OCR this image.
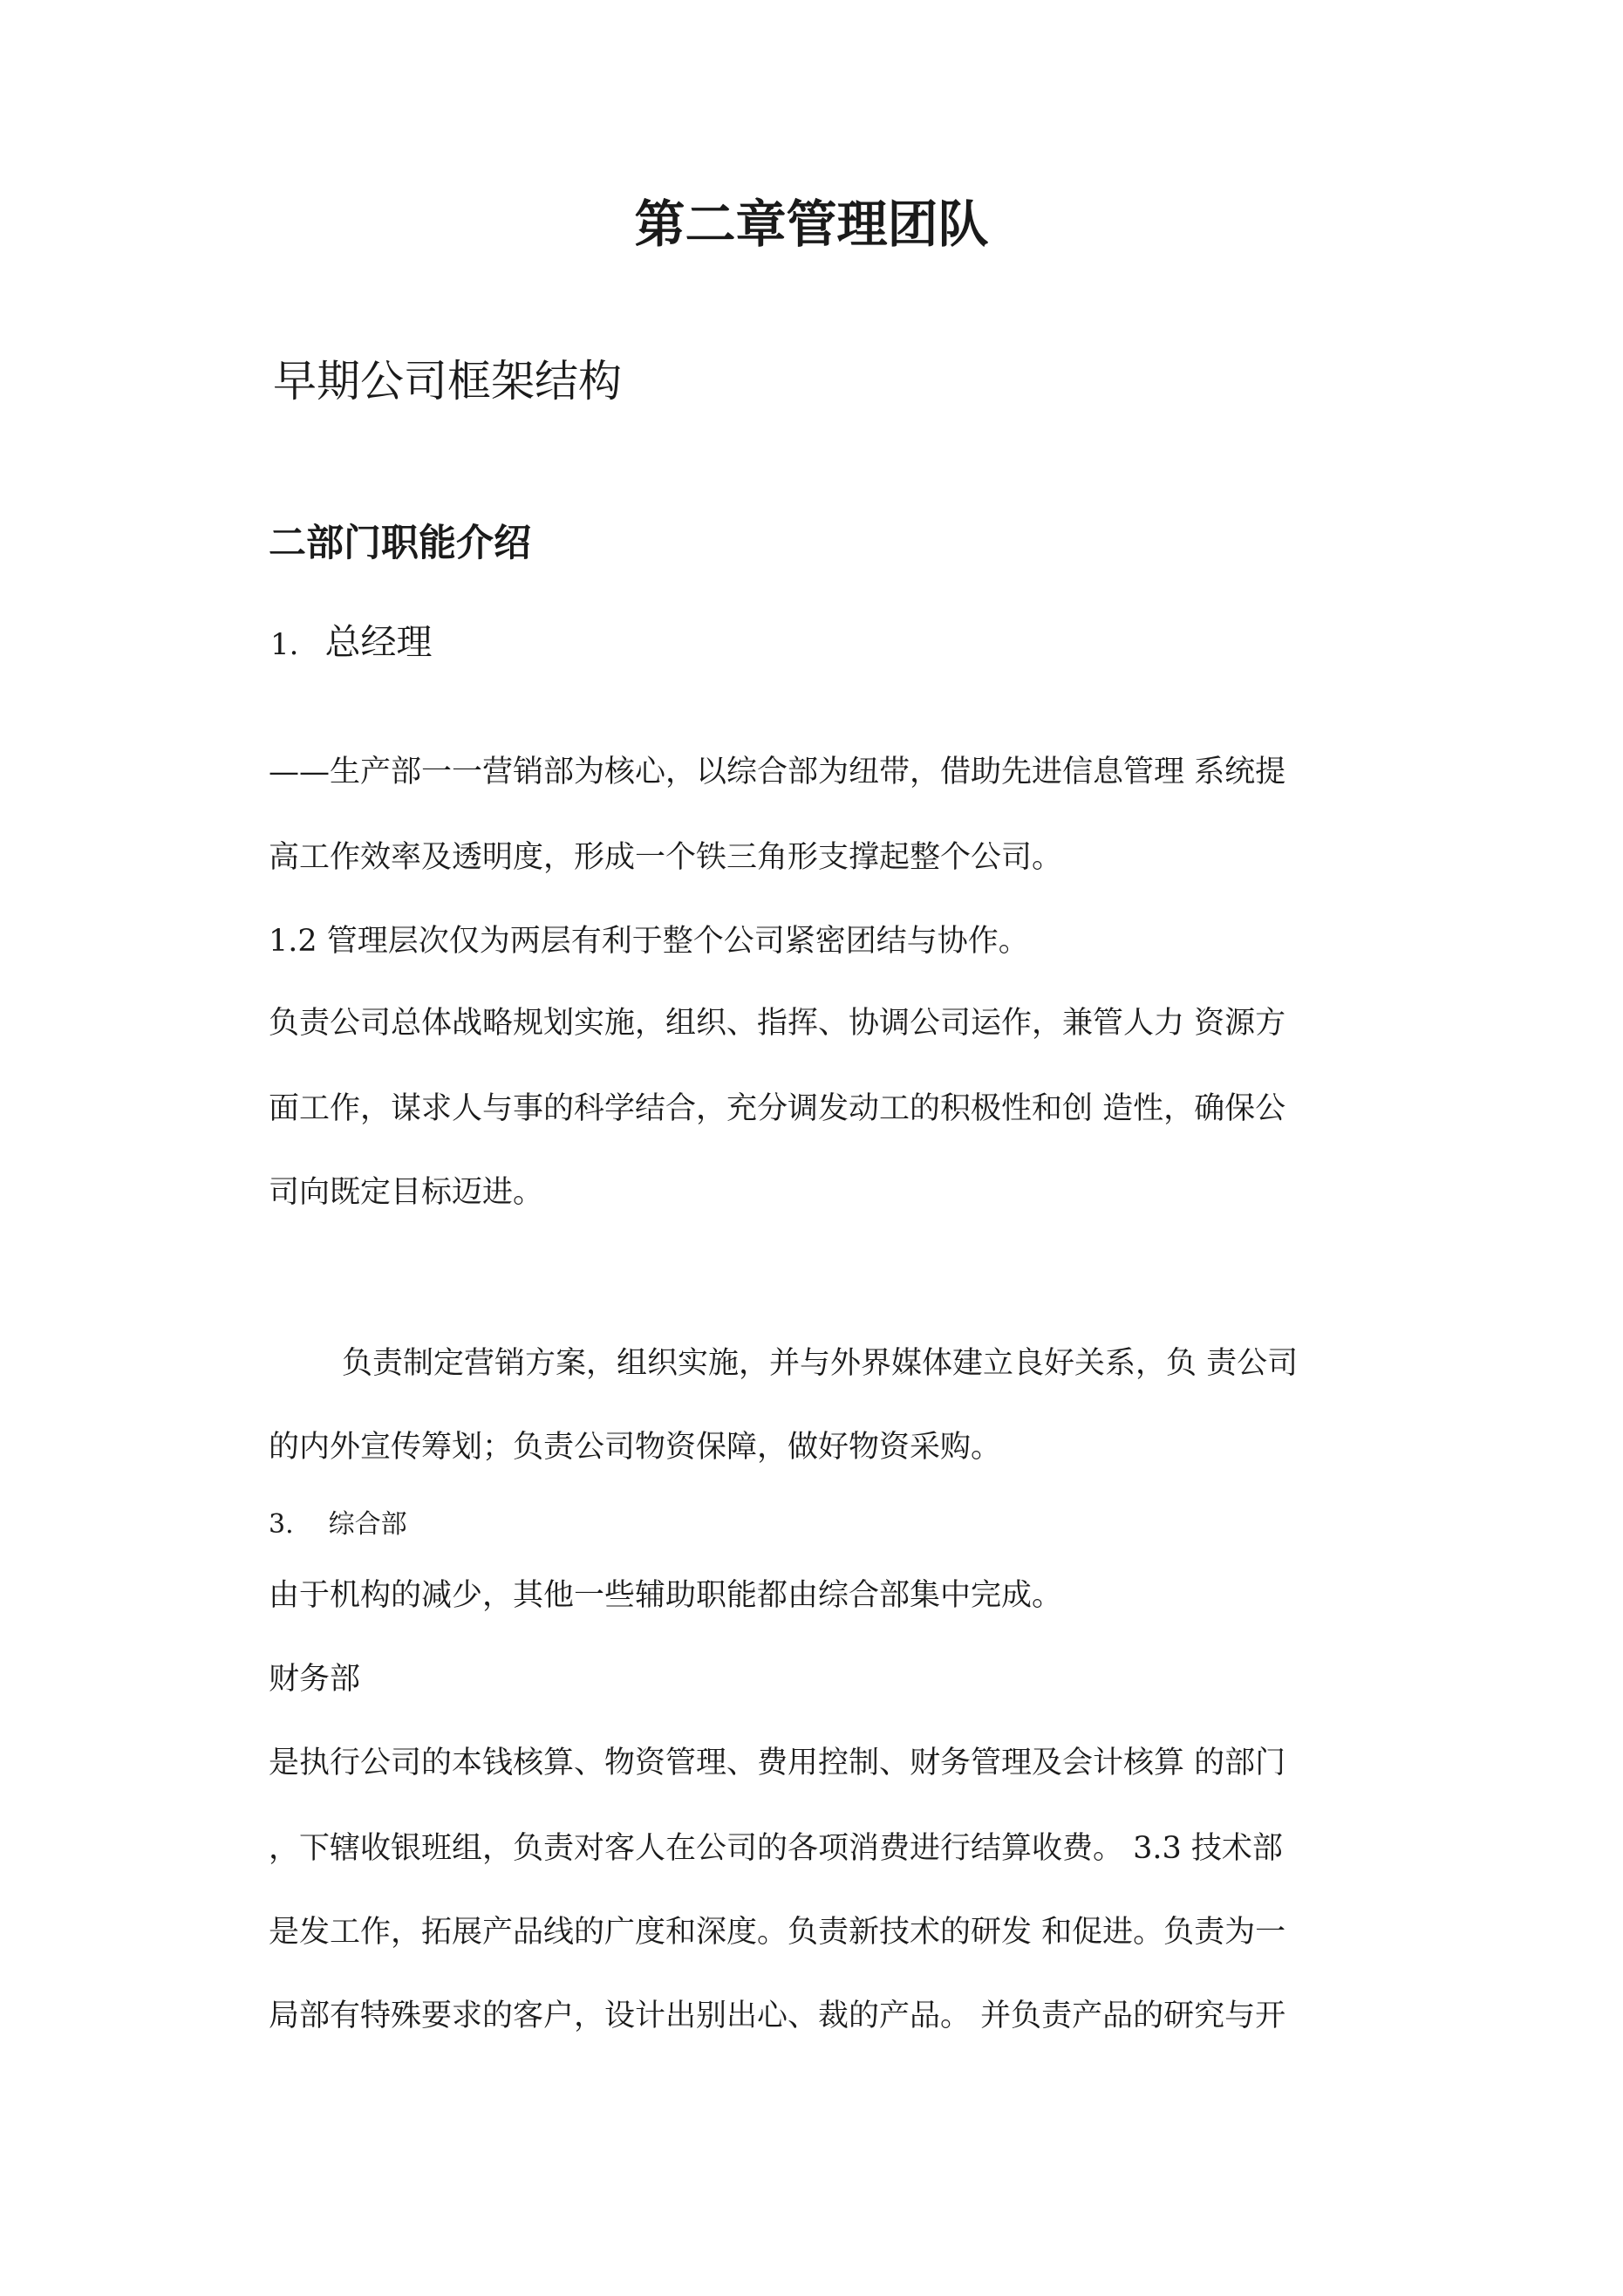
第二章管理团队
早期公司框架结构
二部门职能介绍
1. 总经理

——生产部一一营销部为核心，以综合部为纽带，借助先进信息管理 系统提

高工作效率及透明度，形成一个铁三角形支撑起整个公司。

1.2 管理层次仅为两层有利于整个公司紧密团结与协作。

负责公司总体战略规划实施，组织、指挥、协调公司运作，兼管人力 资源方

面工作，谋求人与事的科学结合，充分调发动工的积极性和创 造性，确保公

司向既定目标迈进。

负责制定营销方案，组织实施，并与外界媒体建立良好关系，负 责公司

的内外宣传筹划；负责公司物资保障，做好物资采购。

3. 综合部

由于机构的减少，其他一些辅助职能都由综合部集中完成。

财务部

是执行公司的本钱核算、物资管理、费用控制、财务管理及会计核算 的部门

，下辖收银班组，负责对客人在公司的各项消费进行结算收费。 3.3 技术部

是发工作，拓展产品线的广度和深度。负责新技术的研发 和促进。负责为一

局部有特殊要求的客户，设计出别出心、裁的产品。 并负责产品的研究与开
